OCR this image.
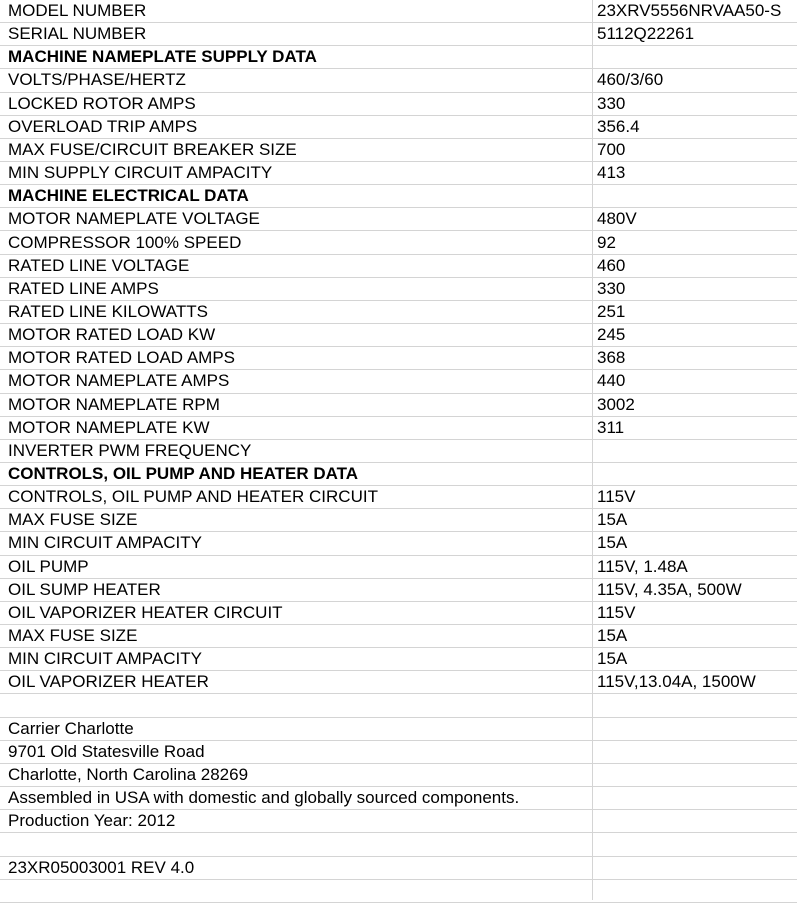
MODEL NUMBER	23XRV5556NRVAA50-S
SERIAL NUMBER	5112Q22261
MACHINE NAMEPLATE SUPPLY DATA
VOLTS/PHASE/HERTZ	460/3/60
LOCKED ROTOR AMPS	330
OVERLOAD TRIP AMPS	356.4
MAX FUSE/CIRCUIT BREAKER SIZE	700
MIN SUPPLY CIRCUIT AMPACITY	413
MACHINE ELECTRICAL DATA
MOTOR NAMEPLATE VOLTAGE	480V
COMPRESSOR 100% SPEED	92
RATED LINE VOLTAGE	460
RATED LINE AMPS	330
RATED LINE KILOWATTS	251
MOTOR RATED LOAD KW	245
MOTOR RATED LOAD AMPS	368
MOTOR NAMEPLATE AMPS	440
MOTOR NAMEPLATE RPM	3002
MOTOR NAMEPLATE KW	311
INVERTER PWM FREQUENCY
CONTROLS, OIL PUMP AND HEATER DATA
CONTROLS, OIL PUMP AND HEATER CIRCUIT	115V
MAX FUSE SIZE	15A
MIN CIRCUIT AMPACITY	15A
OIL PUMP	115V, 1.48A
OIL SUMP HEATER	115V, 4.35A, 500W
OIL VAPORIZER HEATER CIRCUIT	115V
MAX FUSE SIZE	15A
MIN CIRCUIT AMPACITY	15A
OIL VAPORIZER HEATER	115V,13.04A, 1500W
Carrier Charlotte
9701 Old Statesville Road
Charlotte, North Carolina 28269
Assembled in USA with domestic and globally sourced components.
Production Year: 2012
23XR05003001 REV 4.0
